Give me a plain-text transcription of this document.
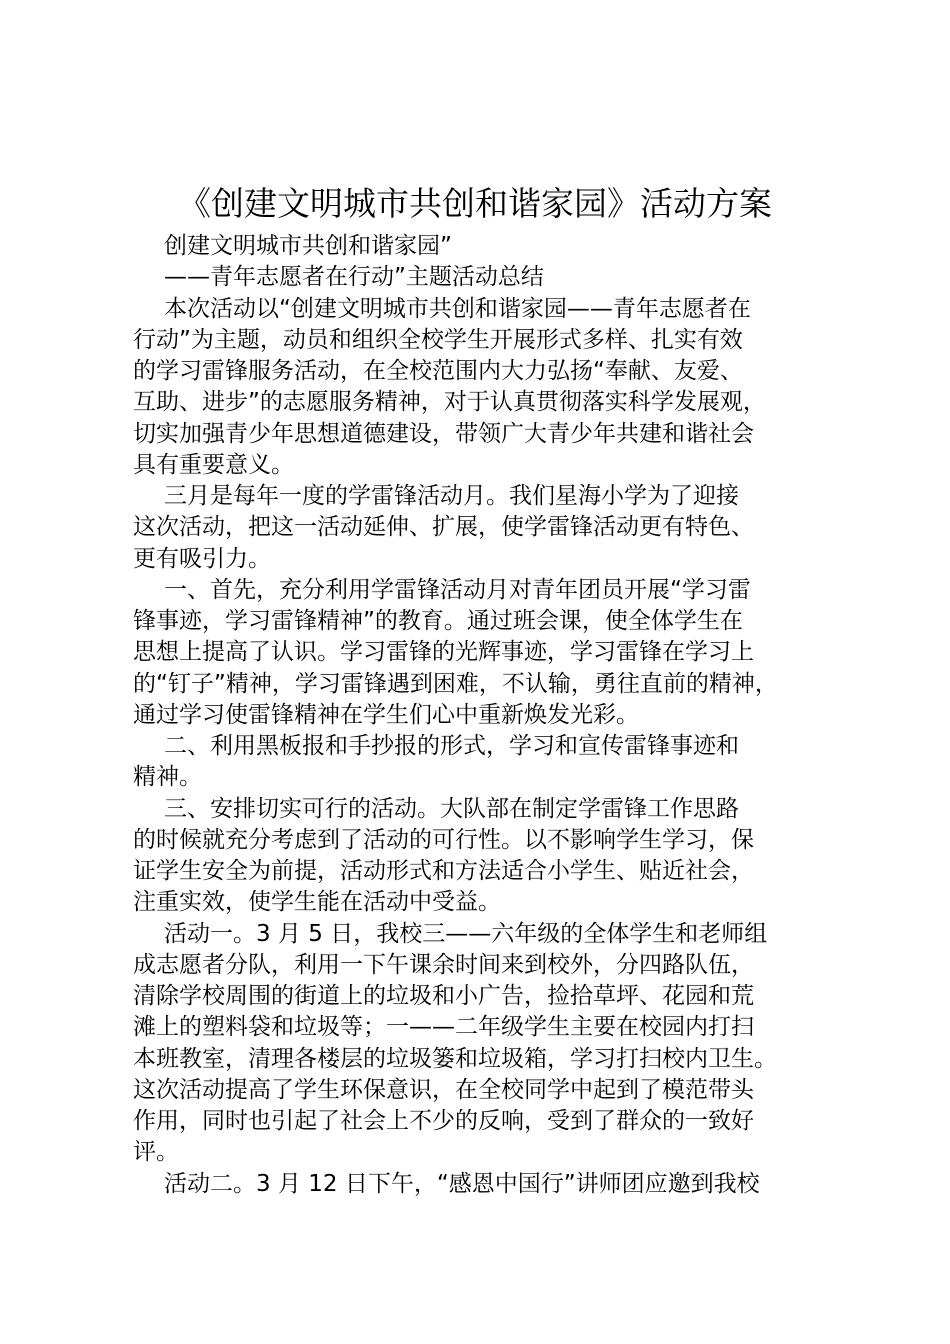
《创建文明城市共创和谐家园》活动方案
创建文明城市共创和谐家园”
——青年志愿者在行动”主题活动总结
本次活动以“创建文明城市共创和谐家园——青年志愿者在
行动”为主题，动员和组织全校学生开展形式多样、扎实有效
的学习雷锋服务活动，在全校范围内大力弘扬“奉献、友爱、
互助、进步”的志愿服务精神，对于认真贯彻落实科学发展观，
切实加强青少年思想道德建设，带领广大青少年共建和谐社会
具有重要意义。
三月是每年一度的学雷锋活动月。我们星海小学为了迎接
这次活动，把这一活动延伸、扩展，使学雷锋活动更有特色、
更有吸引力。
一、首先，充分利用学雷锋活动月对青年团员开展“学习雷
锋事迹，学习雷锋精神”的教育。通过班会课，使全体学生在
思想上提高了认识。学习雷锋的光辉事迹，学习雷锋在学习上
的“钉子”精神，学习雷锋遇到困难，不认输，勇往直前的精神，
通过学习使雷锋精神在学生们心中重新焕发光彩。
二、利用黑板报和手抄报的形式，学习和宣传雷锋事迹和
精神。
三、安排切实可行的活动。大队部在制定学雷锋工作思路
的时候就充分考虑到了活动的可行性。以不影响学生学习，保
证学生安全为前提，活动形式和方法适合小学生、贴近社会，
注重实效，使学生能在活动中受益。
活动一。3 月 5 日，我校三——六年级的全体学生和老师组
成志愿者分队，利用一下午课余时间来到校外，分四路队伍，
清除学校周围的街道上的垃圾和小广告，捡拾草坪、花园和荒
滩上的塑料袋和垃圾等；一——二年级学生主要在校园内打扫
本班教室，清理各楼层的垃圾篓和垃圾箱，学习打扫校内卫生。
这次活动提高了学生环保意识，在全校同学中起到了模范带头
作用，同时也引起了社会上不少的反响，受到了群众的一致好
评。
活动二。3 月 12 日下午，“感恩中国行”讲师团应邀到我校
